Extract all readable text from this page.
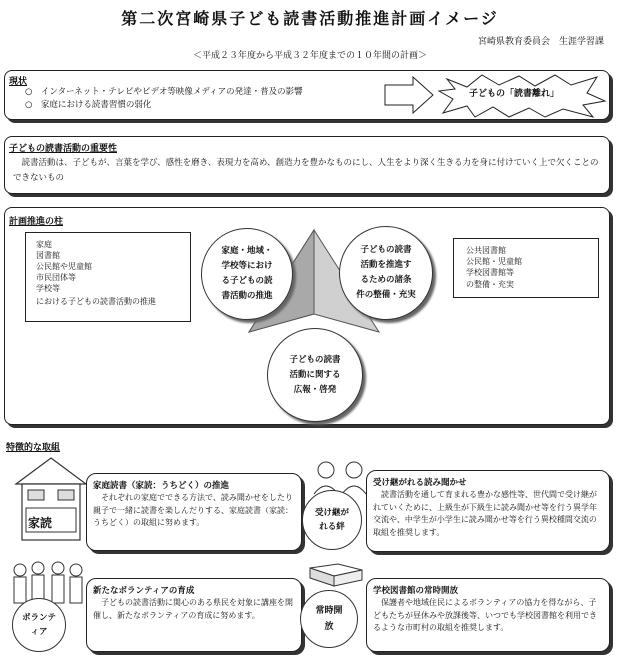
第二次宮崎県子ども読書活動推進計画イメージ
宮崎県教育委員会　生涯学習課
＜平成２３年度から平成３２年度までの１０年間の計画＞
現状
○　インターネット・テレビやビデオ等映像メディアの発達・普及の影響
○　家庭における読書習慣の弱化
子どもの「読書離れ」
子どもの読書活動の重要性
読書活動は、子どもが、言葉を学び、感性を磨き、表現力を高め、創造力を豊かなものにし、人生をより深く生きる力を身に付けていく上で欠くことのできないもの
計画推進の柱
家庭
図書館
公民館や児童館
市民団体等
学校等
における子どもの読書活動の推進
公共図書館
公民館・児童館
学校図書館等
の整備・充実
家庭・地域・
学校等におけ
る子どもの読
書活動の推進
子どもの読書
活動を推進す
るための諸条
件の整備・充実
子どもの読書
活動に関する
広報・啓発
特徴的な取組
家読
家庭読書（家読：うちどく）の推進
それぞれの家庭でできる方法で、読み聞かせをしたり親子で一緒に読書を楽しんだりする、家庭読書（家読：うちどく）の取組に努めます。
受け継がれる絆
受け継がれる読み聞かせ
読書活動を通して育まれる豊かな感性等、世代間で受け継がれていくために、上級生が下級生に読み聞かせ等を行う異学年交流や、中学生が小学生に読み聞かせ等を行う異校種間交流の取組を推奨します。
ボランティア
新たなボランティアの育成
子どもの読書活動に関心のある県民を対象に講座を開催し、新たなボランティアの育成に努めます。	常時開放
学校図書館の常時開放
保護者や地域住民によるボランティアの協力を得ながら、子どもたちが昼休みや放課後等、いつでも学校図書館を利用できるような市町村の取組を推奨します。
